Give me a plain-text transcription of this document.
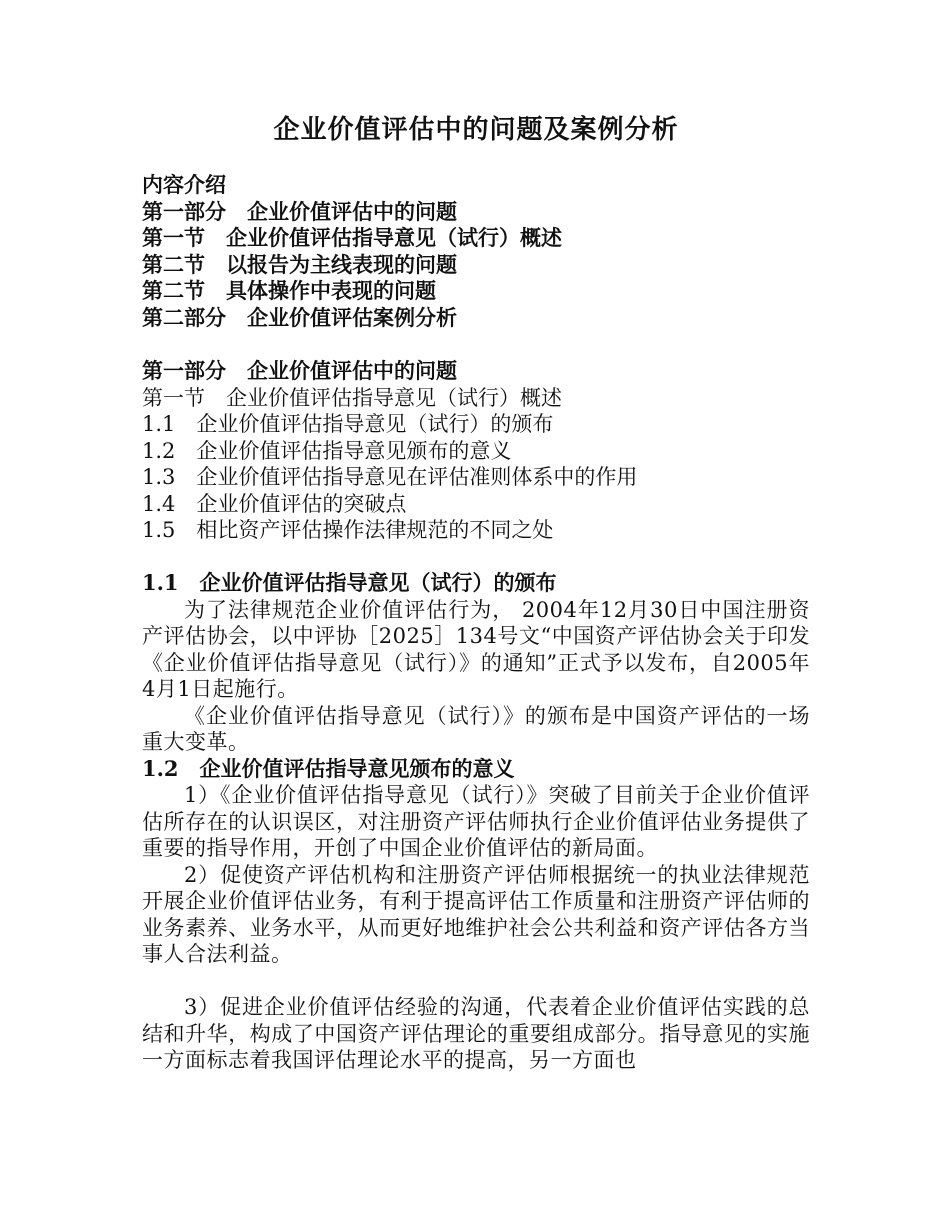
企业价值评估中的问题及案例分析
内容介绍
第一部分　企业价值评估中的问题
第一节　企业价值评估指导意见（试行）概述
第二节　以报告为主线表现的问题
第二节　具体操作中表现的问题
第二部分　企业价值评估案例分析
第一部分　企业价值评估中的问题
第一节　企业价值评估指导意见（试行）概述
1.1　企业价值评估指导意见（试行）的颁布
1.2　企业价值评估指导意见颁布的意义
1.3　企业价值评估指导意见在评估准则体系中的作用
1.4　企业价值评估的突破点
1.5　相比资产评估操作法律规范的不同之处
1.1　企业价值评估指导意见（试行）的颁布
为了法律规范企业价值评估行为， 2004年12月30日中国注册资产评估协会，以中评协［2025］134号文“中国资产评估协会关于印发《企业价值评估指导意见（试行）》的通知”正式予以发布，自2005年4月1日起施行。
《企业价值评估指导意见（试行）》的颁布是中国资产评估的一场重大变革。
1.2　企业价值评估指导意见颁布的意义
1）《企业价值评估指导意见（试行）》突破了目前关于企业价值评估所存在的认识误区，对注册资产评估师执行企业价值评估业务提供了重要的指导作用，开创了中国企业价值评估的新局面。
2）促使资产评估机构和注册资产评估师根据统一的执业法律规范开展企业价值评估业务，有利于提高评估工作质量和注册资产评估师的业务素养、业务水平，从而更好地维护社会公共利益和资产评估各方当事人合法利益。
3）促进企业价值评估经验的沟通，代表着企业价值评估实践的总结和升华，构成了中国资产评估理论的重要组成部分。指导意见的实施一方面标志着我国评估理论水平的提高，另一方面也
